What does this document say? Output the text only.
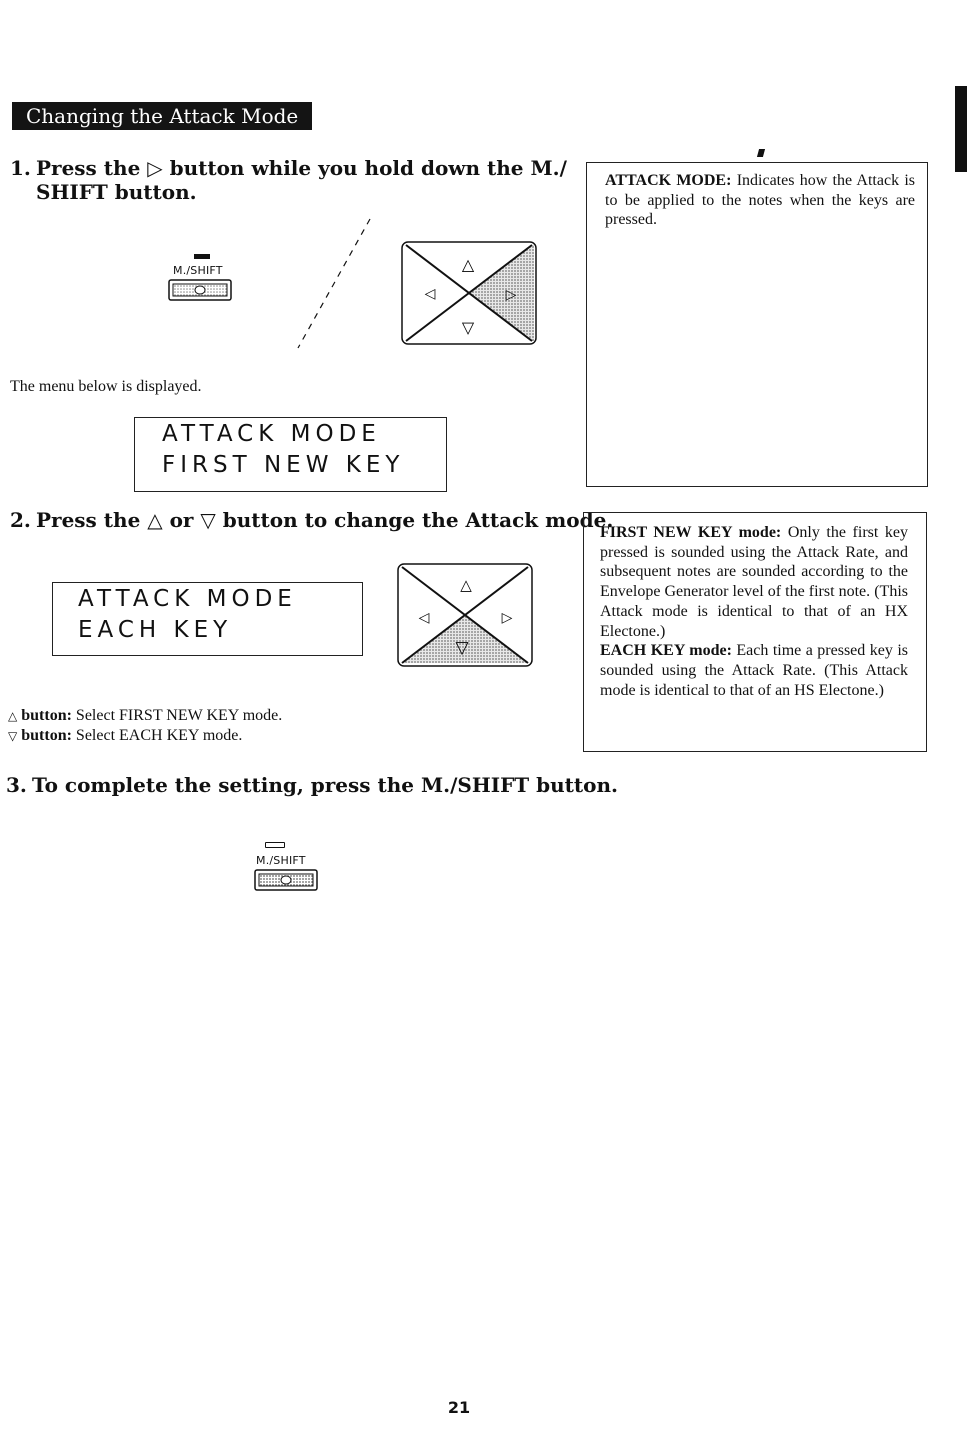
Changing the Attack Mode
1. Press the ▷ button while you hold down the M./
SHIFT button.
M./SHIFT	△
▽
◁	▷
The menu below is displayed.
ATTACK MODE
FIRST NEW KEY
2. Press the △ or ▽ button to change the Attack mode.
ATTACK MODE
EACH KEY
△
▽
◁	▷
△ button: Select FIRST NEW KEY mode.
▽ button: Select EACH KEY mode.
3. To complete the setting, press the M./SHIFT button.
M./SHIFT
ATTACK MODE: Indicates how the Attack is to be applied to the notes when the keys are pressed.
FIRST NEW KEY mode: Only the first key pressed is sounded using the Attack Rate, and subsequent notes are sounded according to the Envelope Generator level of the first note. (This Attack mode is identical to that of an HX Electone.)
EACH KEY mode: Each time a pressed key is sounded using the Attack Rate. (This Attack mode is identical to that of an HS Electone.)
21
